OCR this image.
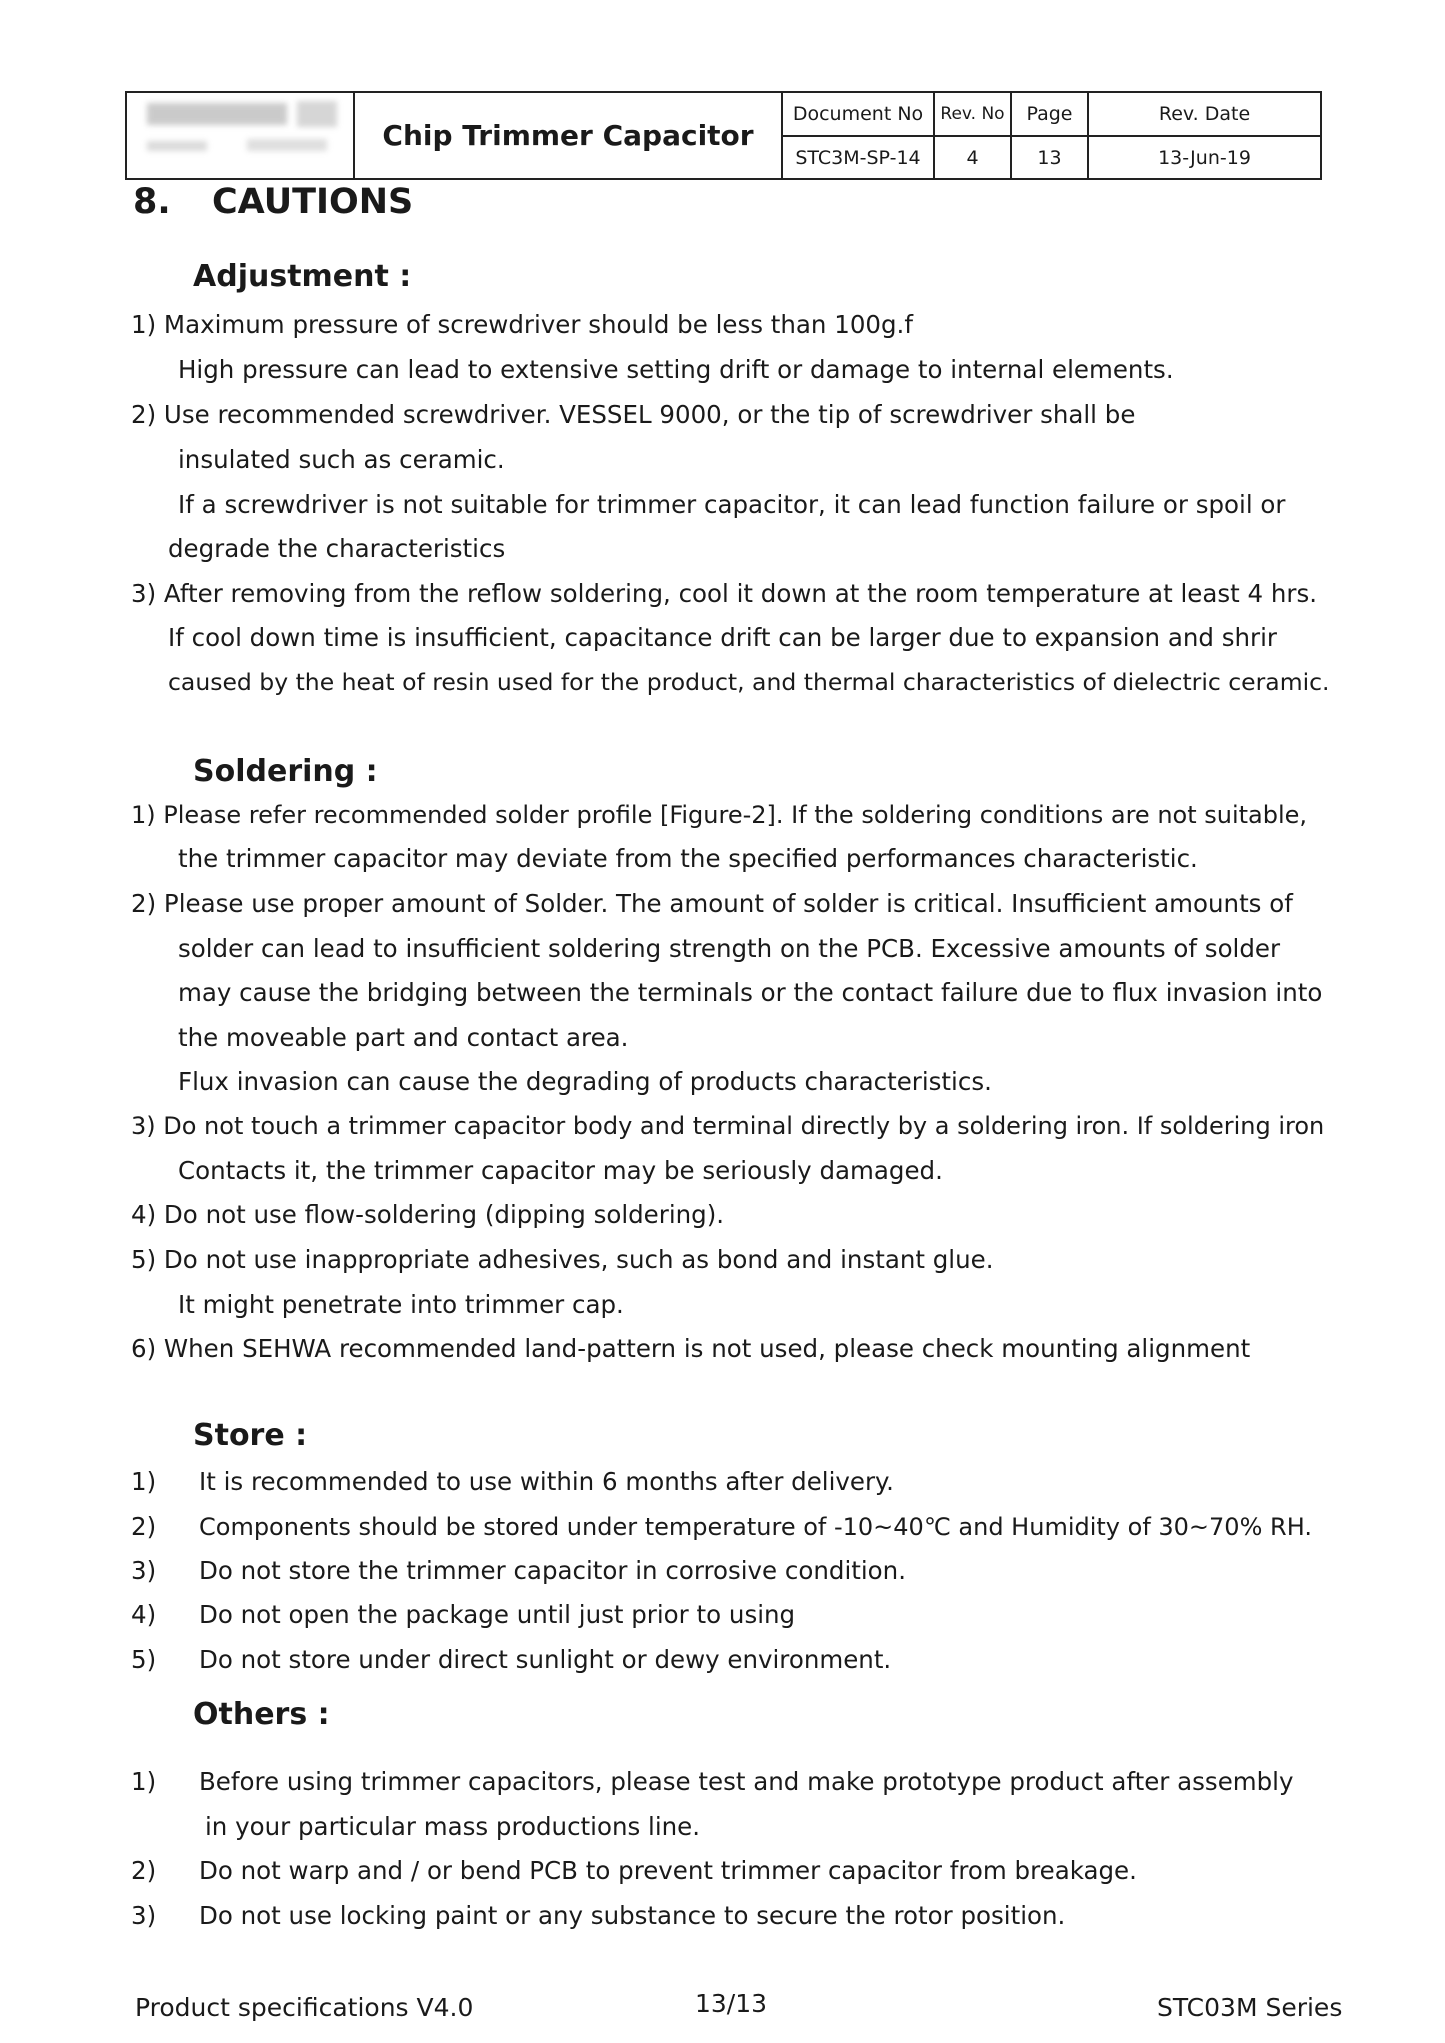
	Chip Trimmer Capacitor	Document No	Rev. No	Page	Rev. Date
		STC3M-SP-14	4	13	13-Jun-19
8. CAUTIONS
Adjustment :
1) Maximum pressure of screwdriver should be less than 100g.f
High pressure can lead to extensive setting drift or damage to internal elements.
2) Use recommended screwdriver. VESSEL 9000, or the tip of screwdriver shall be
insulated such as ceramic.
If a screwdriver is not suitable for trimmer capacitor, it can lead function failure or spoil or
degrade the characteristics
3) After removing from the reflow soldering, cool it down at the room temperature at least 4 hrs.
If cool down time is insufficient, capacitance drift can be larger due to expansion and shrir
caused by the heat of resin used for the product, and thermal characteristics of dielectric ceramic.
Soldering :
1) Please refer recommended solder profile [Figure-2]. If the soldering conditions are not suitable,
the trimmer capacitor may deviate from the specified performances characteristic.
2) Please use proper amount of Solder. The amount of solder is critical. Insufficient amounts of
solder can lead to insufficient soldering strength on the PCB. Excessive amounts of solder
may cause the bridging between the terminals or the contact failure due to flux invasion into
the moveable part and contact area.
Flux invasion can cause the degrading of products characteristics.
3) Do not touch a trimmer capacitor body and terminal directly by a soldering iron. If soldering iron
Contacts it, the trimmer capacitor may be seriously damaged.
4) Do not use flow-soldering (dipping soldering).
5) Do not use inappropriate adhesives, such as bond and instant glue.
It might penetrate into trimmer cap.
6) When SEHWA recommended land-pattern is not used, please check mounting alignment
Store :
1) It is recommended to use within 6 months after delivery.
2) Components should be stored under temperature of -10~40℃ and Humidity of 30~70% RH.
3) Do not store the trimmer capacitor in corrosive condition.
4) Do not open the package until just prior to using
5) Do not store under direct sunlight or dewy environment.
Others :
1) Before using trimmer capacitors, please test and make prototype product after assembly
in your particular mass productions line.
2) Do not warp and / or bend PCB to prevent trimmer capacitor from breakage.
3) Do not use locking paint or any substance to secure the rotor position.
Product specifications V4.0	13/13	STC03M Series
